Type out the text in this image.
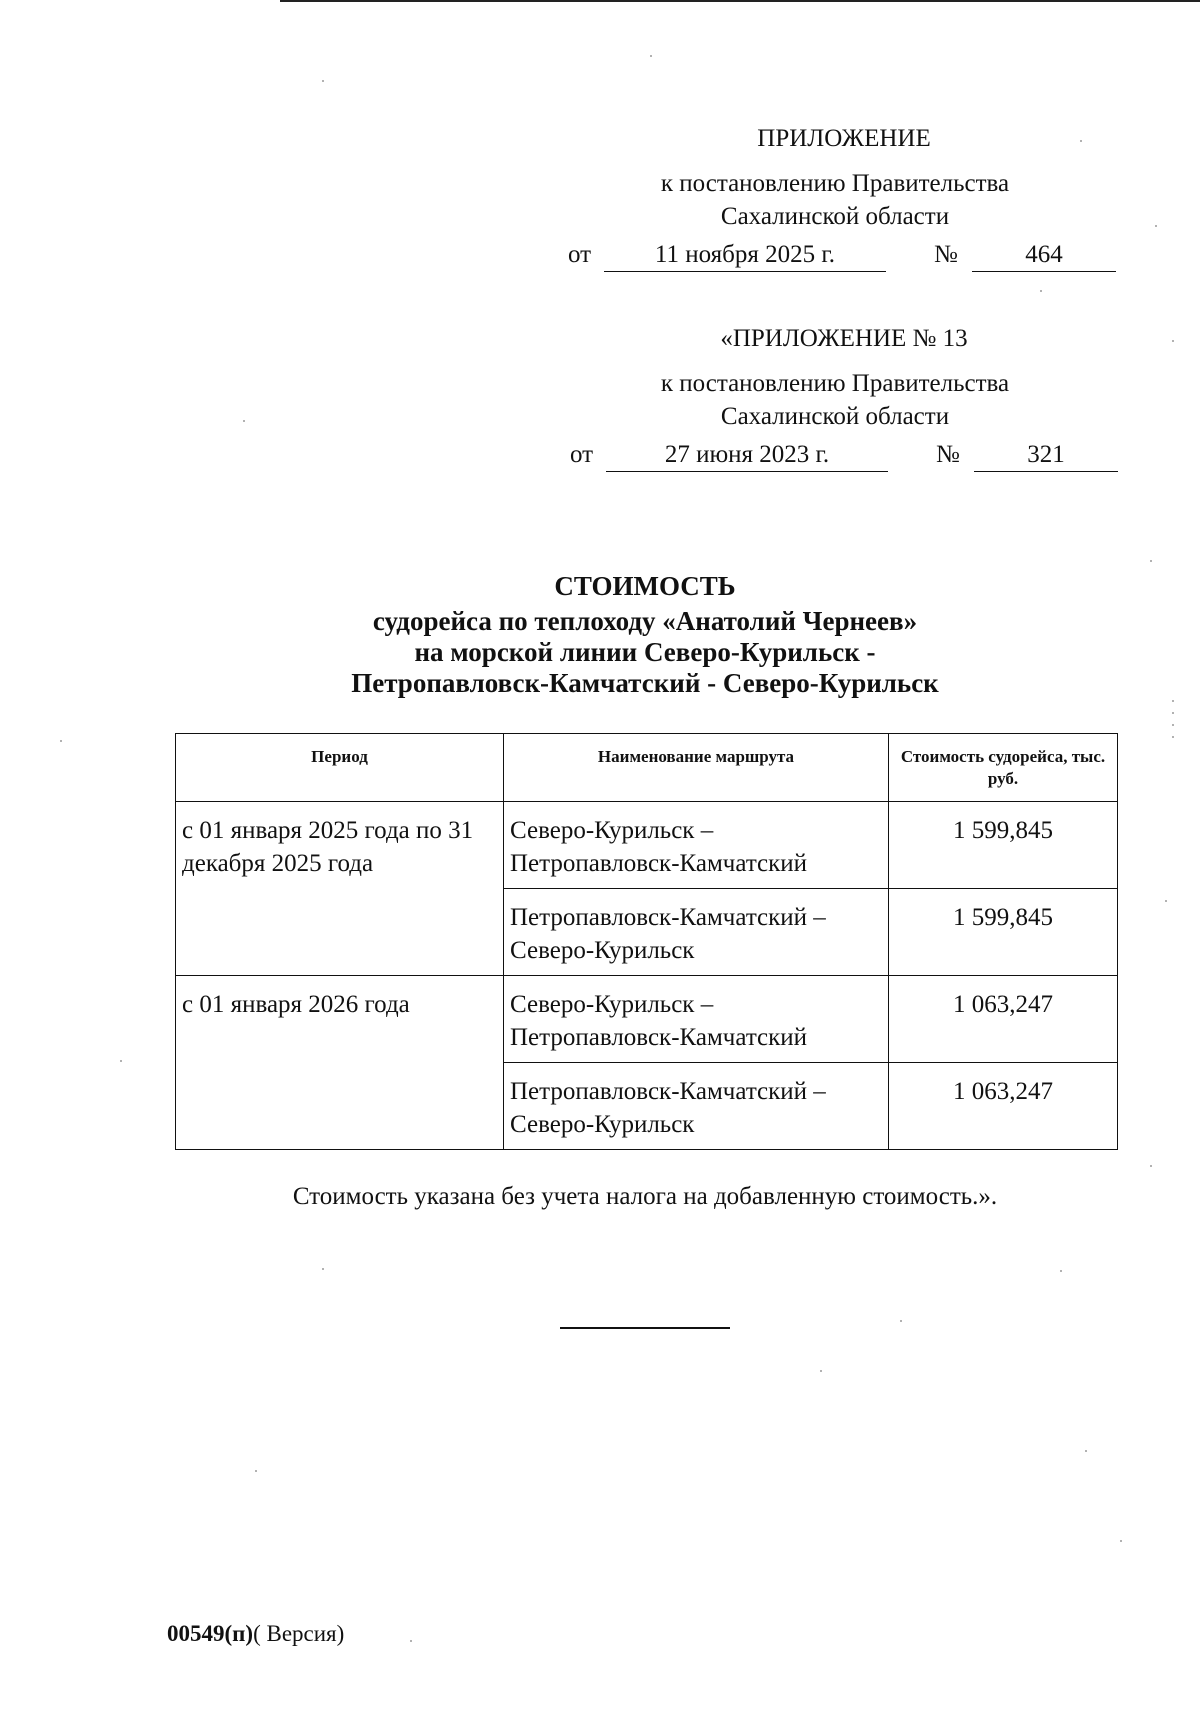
ПРИЛОЖЕНИЕ
к постановлению Правительства
Сахалинской области
от	11 ноября 2025 г.	№	464
«ПРИЛОЖЕНИЕ № 13
к постановлению Правительства
Сахалинской области
от	27 июня 2023 г.	№	321
СТОИМОСТЬ
судорейса по теплоходу «Анатолий Чернеев»
на морской линии Северо-Курильск -
Петропавловск-Камчатский - Северо-Курильск
Период	Наименование маршрута	Стоимость судорейса, тыс. руб.
с 01 января 2025 года по 31 декабря 2025 года	Северо-Курильск – Петропавловск-Камчатский	1 599,845
	Петропавловск-Камчатский – Северо-Курильск	1 599,845
с 01 января 2026 года	Северо-Курильск – Петропавловск-Камчатский	1 063,247
	Петропавловск-Камчатский – Северо-Курильск	1 063,247
Стоимость указана без учета налога на добавленную стоимость.».
00549(п)( Версия)
